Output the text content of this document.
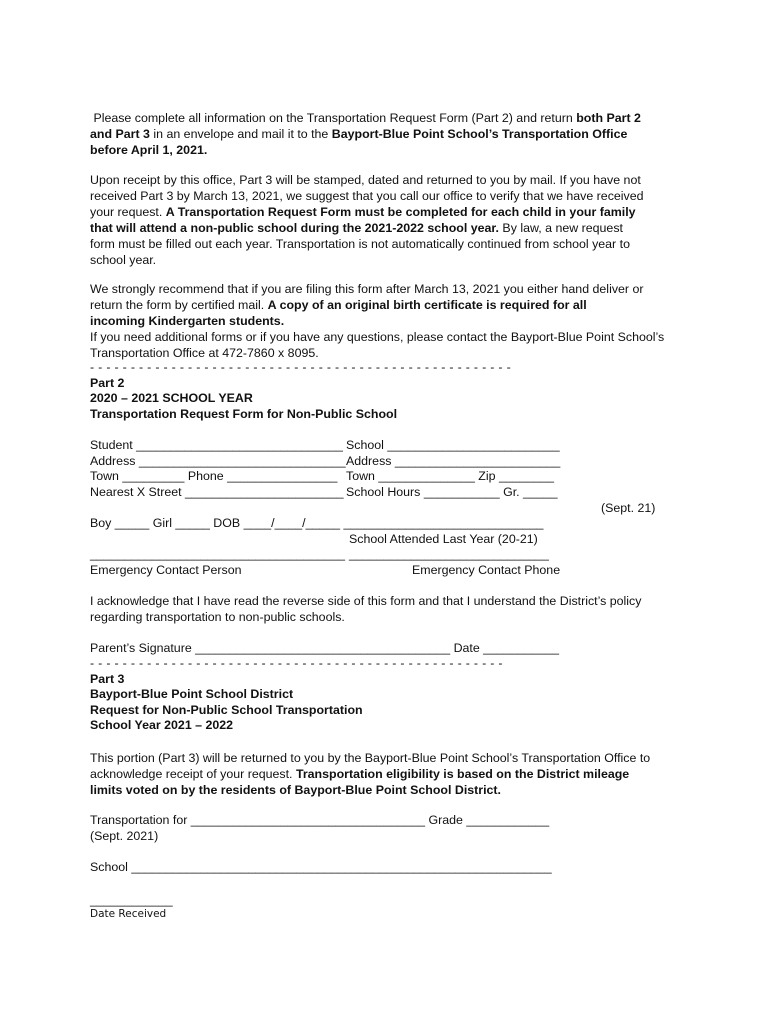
Please complete all information on the Transportation Request Form (Part 2) and return both Part 2
and Part 3 in an envelope and mail it to the Bayport-Blue Point School’s Transportation Office
before April 1, 2021.
Upon receipt by this office, Part 3 will be stamped, dated and returned to you by mail. If you have not
received Part 3 by March 13, 2021, we suggest that you call our office to verify that we have received
your request. A Transportation Request Form must be completed for each child in your family
that will attend a non-public school during the 2021-2022 school year. By law, a new request
form must be filled out each year. Transportation is not automatically continued from school year to
school year.
We strongly recommend that if you are filing this form after March 13, 2021 you either hand deliver or
return the form by certified mail. A copy of an original birth certificate is required for all
incoming Kindergarten students.
If you need additional forms or if you have any questions, please contact the Bayport-Blue Point School’s
Transportation Office at 472-7860 x 8095.
- - - - - - - - - - - - - - - - - - - - - - - - - - - - - - - - - - - - - - - - - - - - - - - - - - - -
Part 2
2020 – 2021 SCHOOL YEAR
Transportation Request Form for Non-Public School
Student ______________________________ School _________________________
Address ______________________________ Address ________________________
Town _________ Phone ________________ Town ______________ Zip ________
Nearest X Street _______________________ School Hours ___________ Gr. _____
(Sept. 21)
Boy _____ Girl _____ DOB ____/____/_____ _____________________________
School Attended Last Year (20-21)
_____________________________________ _____________________________
Emergency Contact Person	Emergency Contact Phone
I acknowledge that I have read the reverse side of this form and that I understand the District’s policy
regarding transportation to non-public schools.
Parent’s Signature _____________________________________ Date ___________
- - - - - - - - - - - - - - - - - - - - - - - - - - - - - - - - - - - - - - - - - - - - - - - - - - -
Part 3
Bayport-Blue Point School District
Request for Non-Public School Transportation
School Year 2021 – 2022
This portion (Part 3) will be returned to you by the Bayport-Blue Point School’s Transportation Office to
acknowledge receipt of your request. Transportation eligibility is based on the District mileage
limits voted on by the residents of Bayport-Blue Point School District.
Transportation for __________________________________ Grade ____________
(Sept. 2021)
School _____________________________________________________________
____________
Date Received
